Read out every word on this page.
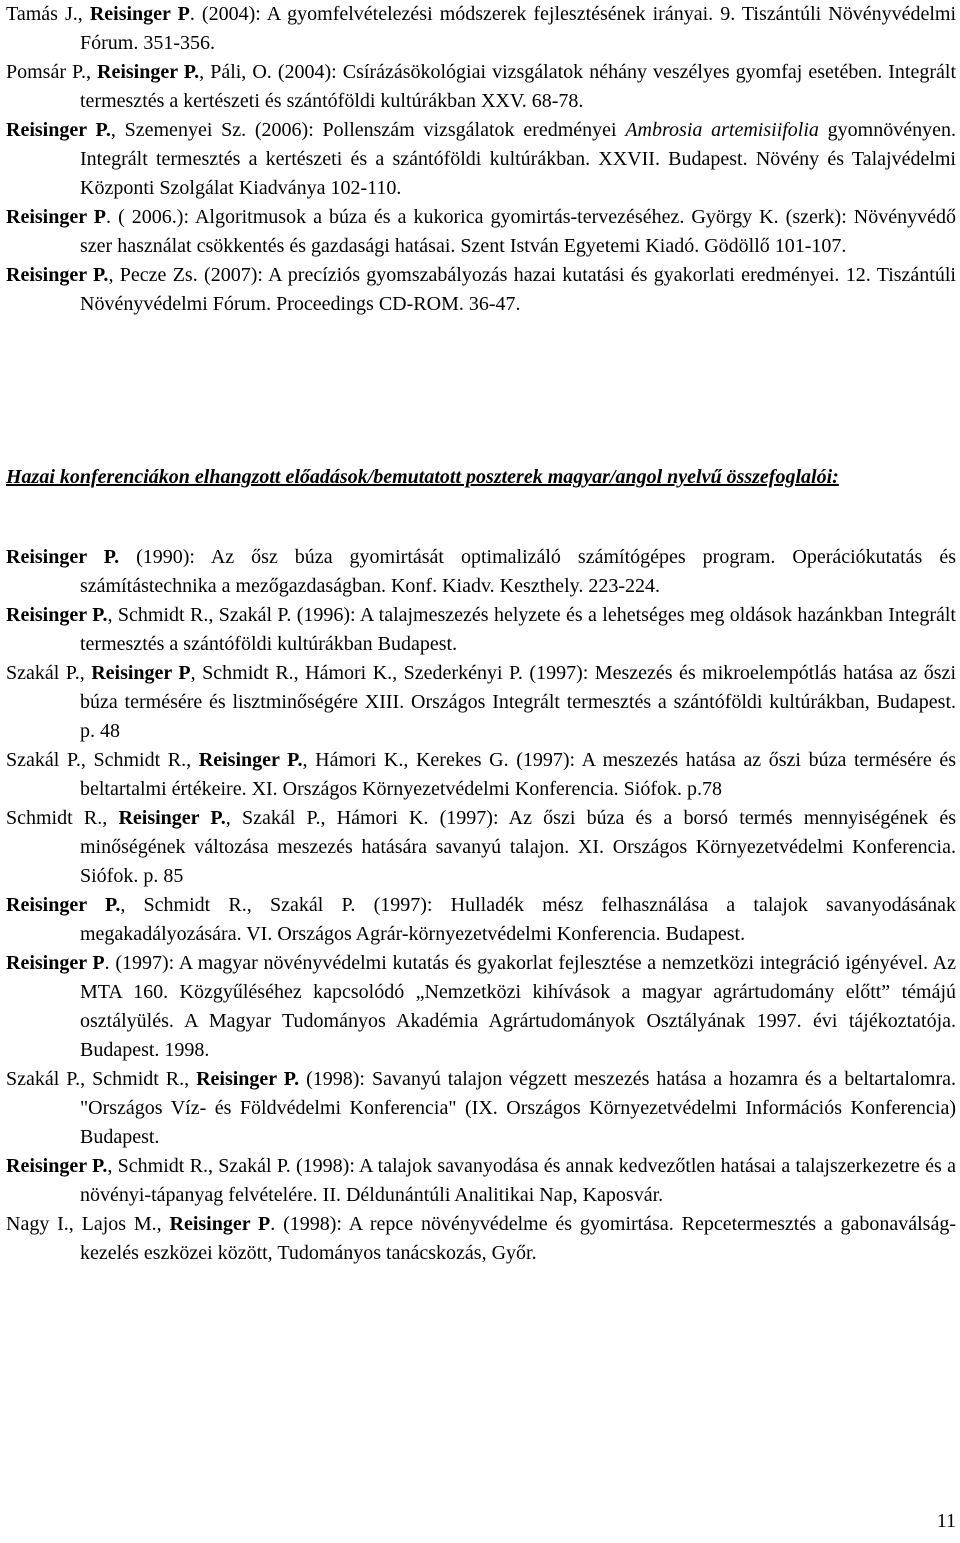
Tamás J., Reisinger P. (2004): A gyomfelvételezési módszerek fejlesztésének irányai. 9. Tiszántúli Növényvédelmi Fórum. 351-356.

Pomsár P., Reisinger P., Páli, O. (2004): Csírázásökológiai vizsgálatok néhány veszélyes gyomfaj esetében. Integrált termesztés a kertészeti és szántóföldi kultúrákban XXV. 68-78.

Reisinger P., Szemenyei Sz. (2006): Pollenszám vizsgálatok eredményei Ambrosia artemisiifolia gyomnövényen. Integrált termesztés a kertészeti és a szántóföldi kultúrákban. XXVII. Budapest. Növény és Talajvédelmi Központi Szolgálat Kiadványa 102-110.

Reisinger P. ( 2006.): Algoritmusok a búza és a kukorica gyomirtás-tervezéséhez. György K. (szerk): Növényvédő szer használat csökkentés és gazdasági hatásai. Szent István Egyetemi Kiadó. Gödöllő 101-107.

Reisinger P., Pecze Zs. (2007): A precíziós gyomszabályozás hazai kutatási és gyakorlati eredményei. 12. Tiszántúli Növényvédelmi Fórum. Proceedings CD-ROM. 36-47.

Hazai konferenciákon elhangzott előadások/bemutatott poszterek magyar/angol nyelvű összefoglalói:

Reisinger P. (1990): Az ősz búza gyomirtását optimalizáló számítógépes program. Operációkutatás és számítástechnika a mezőgazdaságban. Konf. Kiadv. Keszthely. 223-224.

Reisinger P., Schmidt R., Szakál P. (1996): A talajmeszezés helyzete és a lehetséges meg oldások hazánkban Integrált termesztés a szántóföldi kultúrákban Budapest.

Szakál P., Reisinger P, Schmidt R., Hámori K., Szederkényi P. (1997): Meszezés és mikroelempótlás hatása az őszi búza termésére és lisztminőségére XIII. Országos Integrált termesztés a szántóföldi kultúrákban, Budapest. p. 48

Szakál P., Schmidt R., Reisinger P., Hámori K., Kerekes G. (1997): A meszezés hatása az őszi búza termésére és beltartalmi értékeire. XI. Országos Környezetvédelmi Konferencia. Siófok. p.78

Schmidt R., Reisinger P., Szakál P., Hámori K. (1997): Az őszi búza és a borsó termés mennyiségének és minőségének változása meszezés hatására savanyú talajon. XI. Országos Környezetvédelmi Konferencia. Siófok. p. 85

Reisinger P., Schmidt R., Szakál P. (1997): Hulladék mész felhasználása a talajok savanyodásának megakadályozására. VI. Országos Agrár-környezetvédelmi Konferencia. Budapest.

Reisinger P. (1997): A magyar növényvédelmi kutatás és gyakorlat fejlesztése a nemzetközi integráció igényével. Az MTA 160. Közgyűléséhez kapcsolódó „Nemzetközi kihívások a magyar agrártudomány előtt” témájú osztályülés. A Magyar Tudományos Akadémia Agrártudományok Osztályának 1997. évi tájékoztatója. Budapest. 1998.

Szakál P., Schmidt R., Reisinger P. (1998): Savanyú talajon végzett meszezés hatása a hozamra és a beltartalomra. "Országos Víz- és Földvédelmi Konferencia" (IX. Országos Környezetvédelmi Információs Konferencia) Budapest.

Reisinger P., Schmidt R., Szakál P. (1998): A talajok savanyodása és annak kedvezőtlen hatásai a talajszerkezetre és a növényi-tápanyag felvételére. II. Déldunántúli Analitikai Nap, Kaposvár.

Nagy I., Lajos M., Reisinger P. (1998): A repce növényvédelme és gyomirtása. Repcetermesztés a gabonaválság-kezelés eszközei között, Tudományos tanácskozás, Győr.

11
